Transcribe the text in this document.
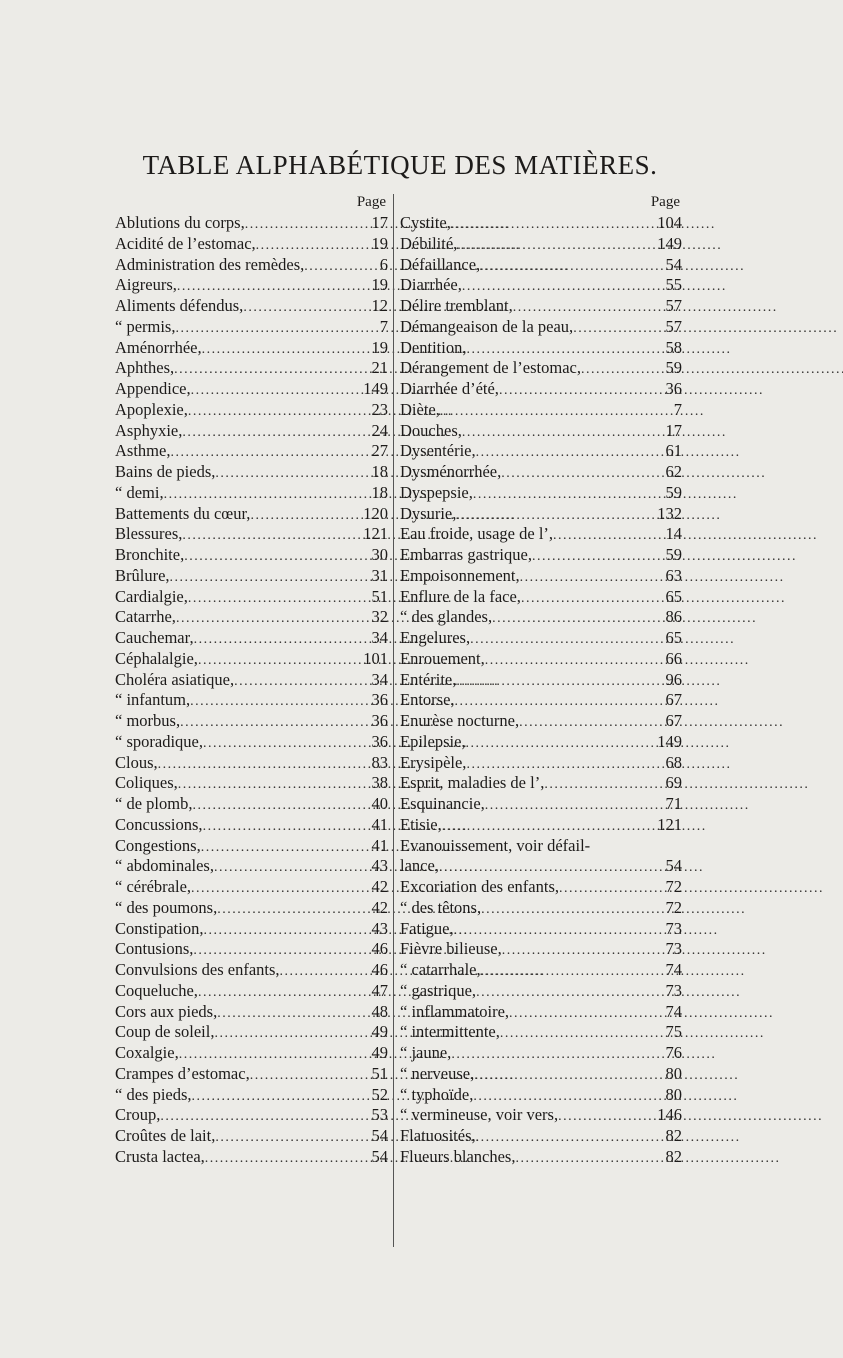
TABLE ALPHABÉTIQUE DES MATIÈRES.
Page
Ablutions du corps, . . .	17
Acidité de l’estomac, . . .	19
Administration des remèdes, . . .	6
Aigreurs, . . .	19
Aliments défendus, . . .	12
“ permis, . . .	7
Aménorrhée, . . .	19
Aphthes, . . .	21
Appendice, . . .	149
Apoplexie, . . .	23
Asphyxie, . . .	24
Asthme, . . .	27
Bains de pieds, . . .	18
“ demi, . . .	18
Battements du cœur, . . .	120
Blessures, . . .	121
Bronchite, . . .	30
Brûlure, . . .	31
Cardialgie, . . .	51
Catarrhe, . . .	32
Cauchemar, . . .	34
Céphalalgie, . . .	101
Choléra asiatique, . . .	34
“ infantum, . . .	36
“ morbus, . . .	36
“ sporadique, . . .	36
Clous, . . .	83
Coliques, . . .	38
“ de plomb, . . .	40
Concussions, . . .	41
Congestions, . . .	41
“ abdominales, . . .	43
“ cérébrale, . . .	42
“ des poumons, . . .	42
Constipation, . . .	43
Contusions, . . .	46
Convulsions des enfants, . . .	46
Coqueluche, . . .	47
Cors aux pieds, . . .	48
Coup de soleil, . . .	49
Coxalgie, . . .	49
Crampes d’estomac, . . .	51
“ des pieds, . . .	52
Croup, . . .	53
Croûtes de lait, . . .	54
Crusta lactea, . . .	54
Page
Cystite, . . .	104
Débilité, . . .	149
Défaillance, . . .	54
Diarrhée, . . .	55
Délire tremblant, . . .	57
Démangeaison de la peau, . . .	57
Dentition, . . .	58
Dérangement de l’estomac, . . .	59
Diarrhée d’été, . . .	36
Diète, . . .	7
Douches, . . .	17
Dysentérie, . . .	61
Dysménorrhée, . . .	62
Dyspepsie, . . .	59
Dysurie, . . .	132
Eau froide, usage de l’, . . .	14
Embarras gastrique, . . .	59
Empoisonnement, . . .	63
Enflure de la face, . . .	65
“ des glandes, . . .	86
Engelures, . . .	65
Enrouement, . . .	66
Entérite, . . .	96
Entorse, . . .	67
Enurèse nocturne, . . .	67
Epilepsie, . . .	149
Erysipèle, . . .	68
Esprit, maladies de l’, . . .	69
Esquinancie, . . .	71
Etisie, . . .	121
Evanouissement, voir défail-
lance, . . .	54
Excoriation des enfants, . . .	72
“ des têtons, . . .	72
Fatigue, . . .	73
Fièvre bilieuse, . . .	73
“ catarrhale, . . .	74
“ gastrique, . . .	73
“ inflammatoire, . . .	74
“ intermittente, . . .	75
“ jaune, . . .	76
“ nerveuse, . . .	80
“ typhoïde, . . .	80
“ vermineuse, voir vers, . . .	146
Flatuosités, . . .	82
Flueurs blanches, . . .	82
